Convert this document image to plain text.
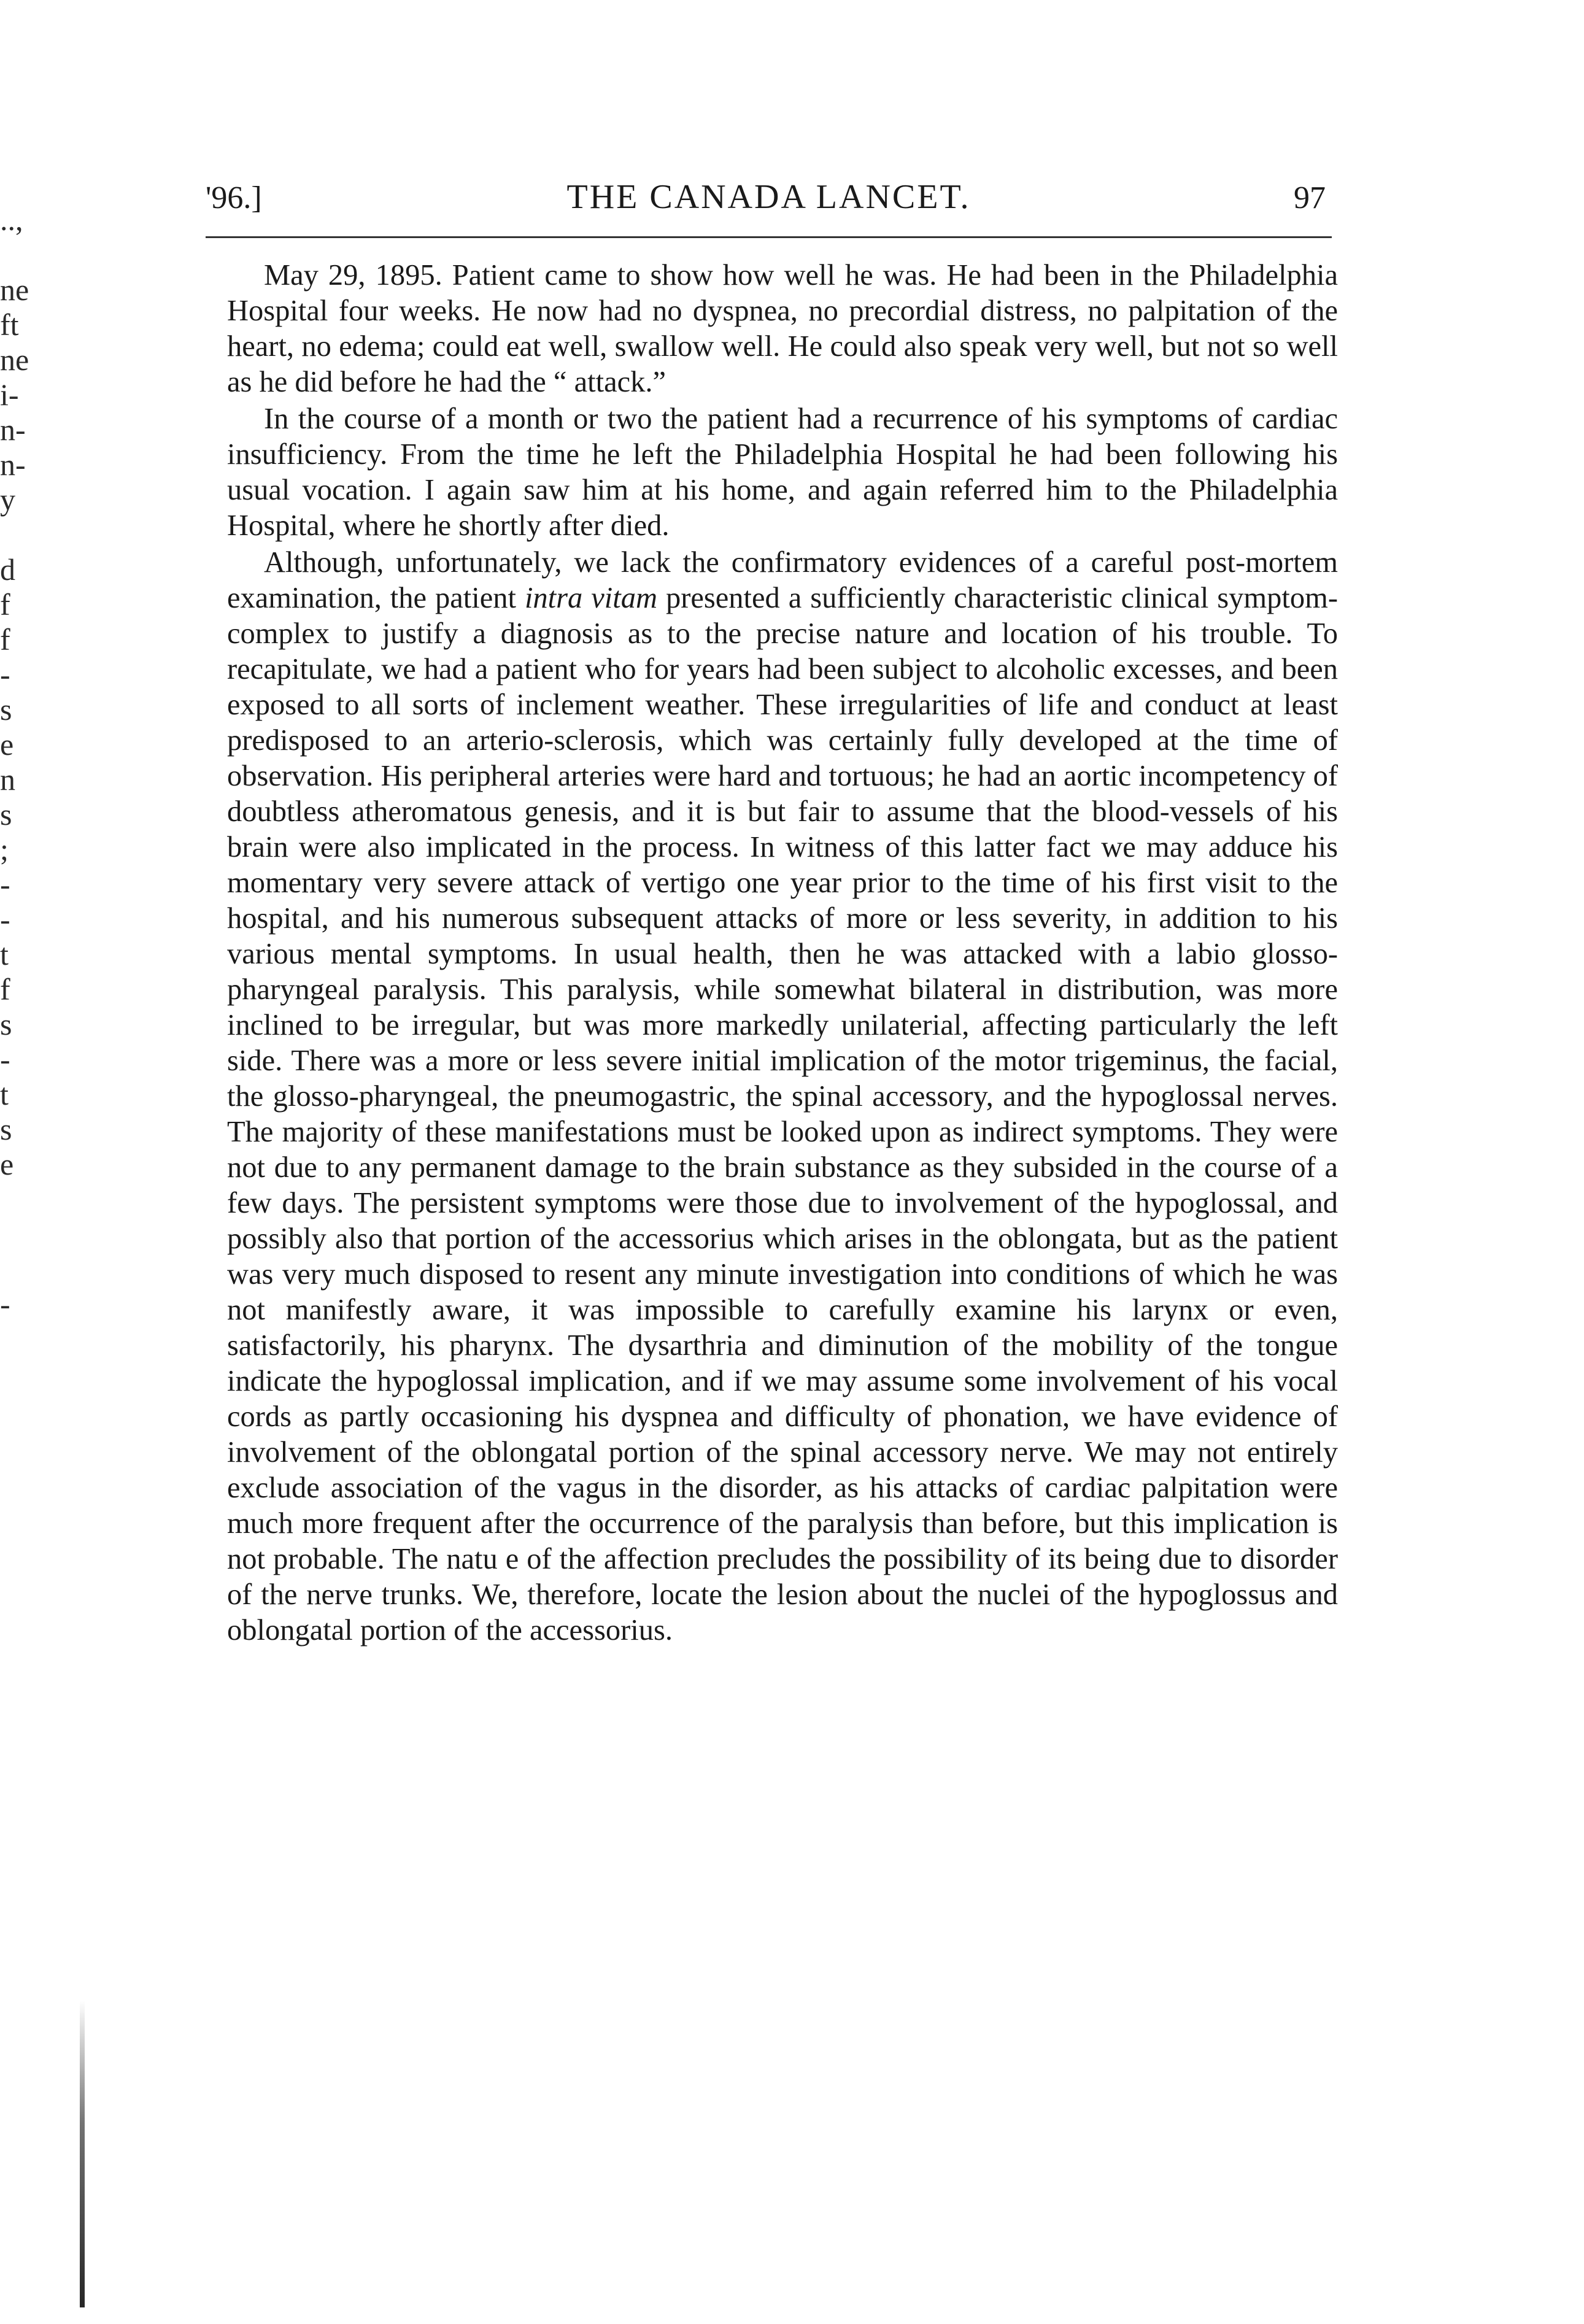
..,
ne
ft
ne
i-
n-
n-
y
d
f
f
-
s
e
n
s
;
-
-
t
f
s
-
t
s
e
-
'96.]	THE CANADA LANCET.	97

May 29, 1895. Patient came to show how well he was. He had been in the Philadelphia Hospital four weeks. He now had no dyspnea, no precordial distress, no palpitation of the heart, no edema; could eat well, swallow well. He could also speak very well, but not so well as he did before he had the “ attack.”

In the course of a month or two the patient had a recurrence of his symptoms of cardiac insufficiency. From the time he left the Philadelphia Hospital he had been following his usual vocation. I again saw him at his home, and again referred him to the Philadelphia Hospital, where he shortly after died.

Although, unfortunately, we lack the confirmatory evidences of a careful post-mortem examination, the patient intra vitam presented a sufficiently characteristic clinical symptom-complex to justify a diagnosis as to the precise nature and location of his trouble. To recapitulate, we had a patient who for years had been subject to alcoholic excesses, and been exposed to all sorts of inclement weather. These irregularities of life and conduct at least predisposed to an arterio-sclerosis, which was certainly fully developed at the time of observation. His peripheral arteries were hard and tortuous; he had an aortic incompetency of doubtless atheromatous genesis, and it is but fair to assume that the blood-vessels of his brain were also implicated in the process. In witness of this latter fact we may adduce his momentary very severe attack of vertigo one year prior to the time of his first visit to the hospital, and his numerous subsequent attacks of more or less severity, in addition to his various mental symptoms. In usual health, then he was attacked with a labio glosso-pharyngeal paralysis. This paralysis, while somewhat bilateral in distribution, was more inclined to be irregular, but was more markedly unilaterial, affecting particularly the left side. There was a more or less severe initial implication of the motor trigeminus, the facial, the glosso-pharyngeal, the pneumogastric, the spinal accessory, and the hypoglossal nerves. The majority of these manifestations must be looked upon as indirect symptoms. They were not due to any permanent damage to the brain substance as they subsided in the course of a few days. The persistent symptoms were those due to involvement of the hypoglossal, and possibly also that portion of the accessorius which arises in the oblongata, but as the patient was very much disposed to resent any minute investigation into conditions of which he was not manifestly aware, it was impossible to carefully examine his larynx or even, satisfactorily, his pharynx. The dysarthria and diminution of the mobility of the tongue indicate the hypoglossal implication, and if we may assume some involvement of his vocal cords as partly occasioning his dyspnea and difficulty of phonation, we have evidence of involvement of the oblongatal portion of the spinal accessory nerve. We may not entirely exclude association of the vagus in the disorder, as his attacks of cardiac palpitation were much more frequent after the occurrence of the paralysis than before, but this implication is not probable. The natu e of the affection precludes the possibility of its being due to disorder of the nerve trunks. We, therefore, locate the lesion about the nuclei of the hypoglossus and oblongatal portion of the accessorius.
